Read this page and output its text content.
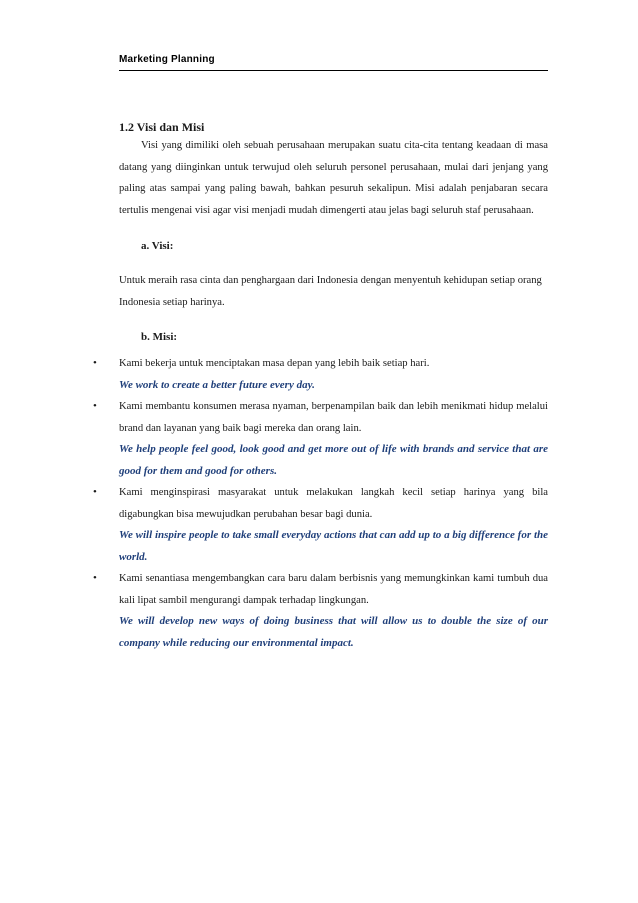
Marketing Planning

1.2 Visi dan Misi

Visi yang dimiliki oleh sebuah perusahaan merupakan suatu cita-cita tentang keadaan di masa datang yang diinginkan untuk terwujud oleh seluruh personel perusahaan, mulai dari jenjang yang paling atas sampai yang paling bawah, bahkan pesuruh sekalipun. Misi adalah penjabaran secara tertulis mengenai visi agar visi menjadi mudah dimengerti atau jelas bagi seluruh staf perusahaan.

a. Visi:

Untuk meraih rasa cinta dan penghargaan dari Indonesia dengan menyentuh kehidupan setiap orang Indonesia setiap harinya.

b. Misi:

• Kami bekerja untuk menciptakan masa depan yang lebih baik setiap hari.

We work to create a better future every day.

• Kami membantu konsumen merasa nyaman, berpenampilan baik dan lebih menikmati hidup melalui brand dan layanan yang baik bagi mereka dan orang lain.

We help people feel good, look good and get more out of life with brands and service that are good for them and good for others.

• Kami menginspirasi masyarakat untuk melakukan langkah kecil setiap harinya yang bila digabungkan bisa mewujudkan perubahan besar bagi dunia.

We will inspire people to take small everyday actions that can add up to a big difference for the world.

• Kami senantiasa mengembangkan cara baru dalam berbisnis yang memungkinkan kami tumbuh dua kali lipat sambil mengurangi dampak terhadap lingkungan.

We will develop new ways of doing business that will allow us to double the size of our company while reducing our environmental impact.
